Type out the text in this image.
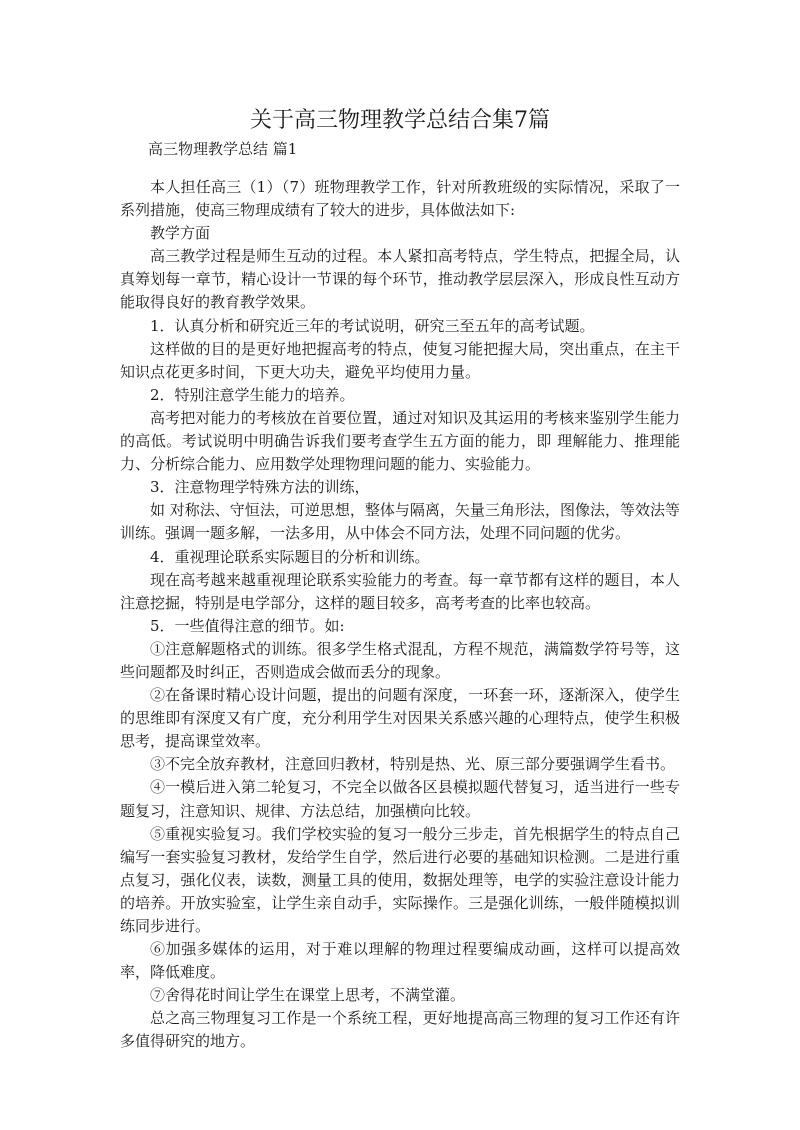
关于高三物理教学总结合集7篇
高三物理教学总结 篇1

本人担任高三（1）（7）班物理教学工作，针对所教班级的实际情况，采取了一系列措施，使高三物理成绩有了较大的进步，具体做法如下:

教学方面

高三教学过程是师生互动的过程。本人紧扣高考特点，学生特点，把握全局，认真筹划每一章节，精心设计一节课的每个环节，推动教学层层深入，形成良性互动方能取得良好的教育教学效果。

1．认真分析和研究近三年的考试说明，研究三至五年的高考试题。

这样做的目的是更好地把握高考的特点，使复习能把握大局，突出重点，在主干知识点花更多时间，下更大功夫，避免平均使用力量。

2．特别注意学生能力的培养。

高考把对能力的考核放在首要位置，通过对知识及其运用的考核来鉴别学生能力的高低。考试说明中明确告诉我们要考查学生五方面的能力，即 理解能力、推理能力、分析综合能力、应用数学处理物理问题的能力、实验能力。

3．注意物理学特殊方法的训练，

如 对称法、守恒法，可逆思想，整体与隔离，矢量三角形法，图像法，等效法等训练。强调一题多解，一法多用，从中体会不同方法，处理不同问题的优劣。

4．重视理论联系实际题目的分析和训练。

现在高考越来越重视理论联系实验能力的考查。每一章节都有这样的题目，本人注意挖掘，特别是电学部分，这样的题目较多，高考考查的比率也较高。

5．一些值得注意的细节。如:

①注意解题格式的训练。很多学生格式混乱，方程不规范，满篇数学符号等，这些问题都及时纠正，否则造成会做而丢分的现象。

②在备课时精心设计问题，提出的问题有深度，一环套一环，逐渐深入，使学生的思维即有深度又有广度，充分利用学生对因果关系感兴趣的心理特点，使学生积极思考，提高课堂效率。

③不完全放弃教材，注意回归教材，特别是热、光、原三部分要强调学生看书。

④一模后进入第二轮复习，不完全以做各区县模拟题代替复习，适当进行一些专题复习，注意知识、规律、方法总结，加强横向比较。

⑤重视实验复习。我们学校实验的复习一般分三步走，首先根据学生的特点自己编写一套实验复习教材，发给学生自学，然后进行必要的基础知识检测。二是进行重点复习，强化仪表，读数，测量工具的使用，数据处理等，电学的实验注意设计能力的培养。开放实验室，让学生亲自动手，实际操作。三是强化训练，一般伴随模拟训练同步进行。

⑥加强多媒体的运用，对于难以理解的物理过程要编成动画，这样可以提高效率，降低难度。

⑦舍得花时间让学生在课堂上思考，不满堂灌。

总之高三物理复习工作是一个系统工程，更好地提高高三物理的复习工作还有许多值得研究的地方。
